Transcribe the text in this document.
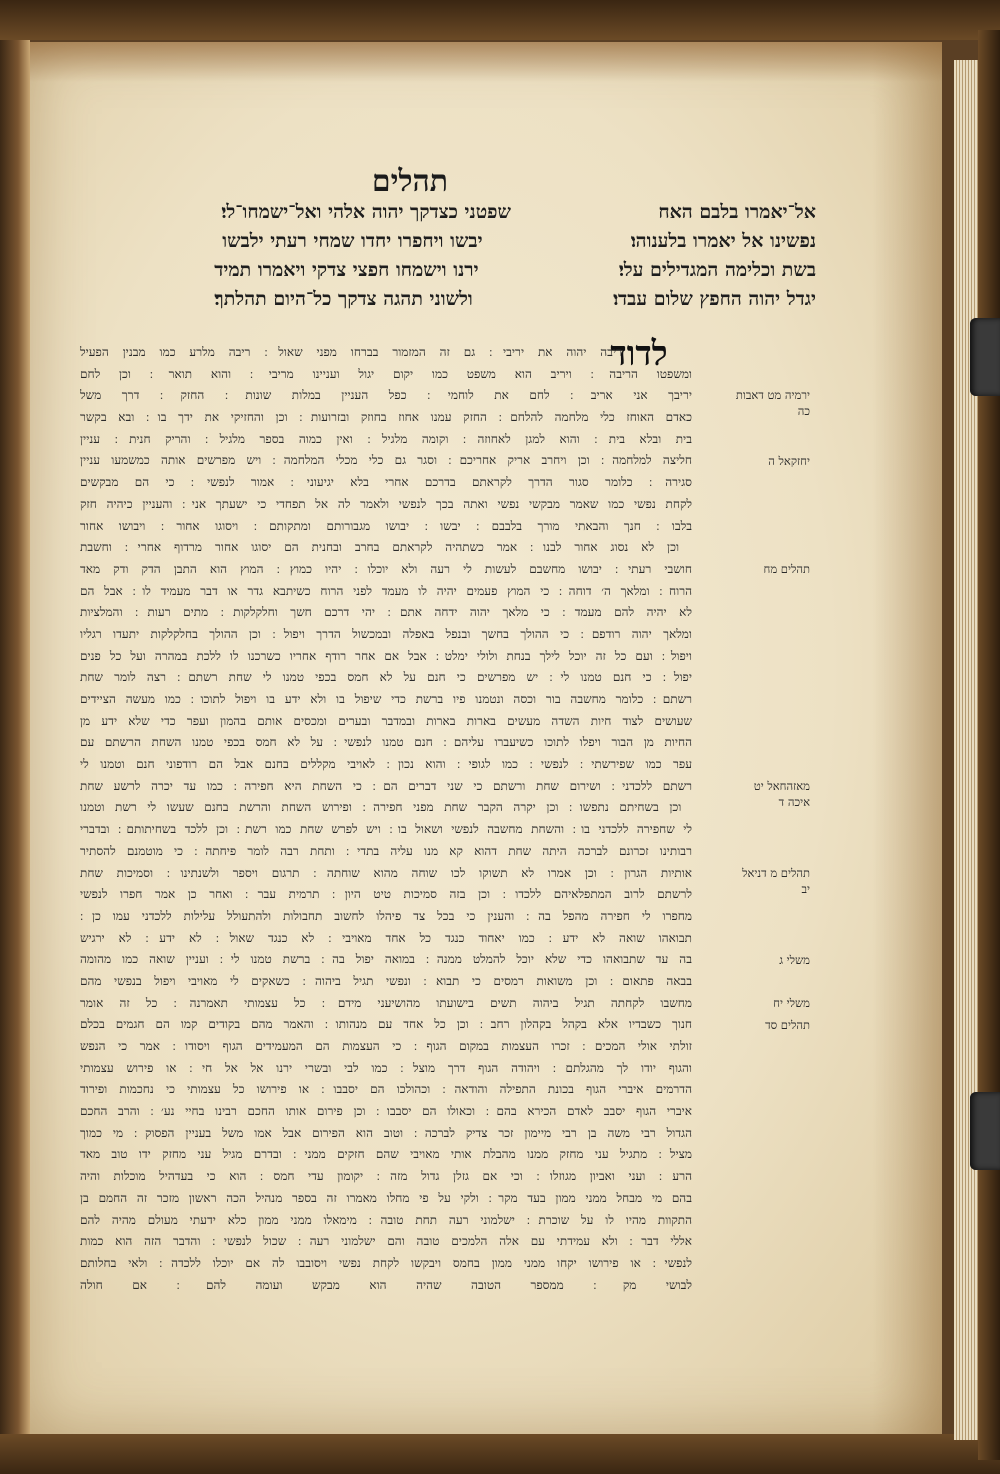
תהלים
אל־יאמרו בלבם האח
שפטני כצדקך יהוה אלהי ואל־ישמחו־לי׃
נפשינו אל יאמרו בלענוהו׃
יבשו ויחפרו יחדו שמחי רעתי ילבשו
בשת וכלימה המגדילים עלי׃
ירנו וישמחו חפצי צדקי ויאמרו תמיד
יגדל יהוה החפץ שלום עבדו׃
ולשוני תהגה צדקך כל־היום תהלתך׃
לדוד
ריבה יהוה את יריבי ׃ גם זה המזמור בברחו מפני שאול ׃ ריבה מלרע כמו מבנין הפעיל
ומשפטו הריבה ׃ ויריב הוא משפט כמו יקום יגול ועניינו מריבי ׃ והוא תואר ׃ וכן לחם
יריבך אני אריב ׃ לחם את לוחמי ׃ כפל העניין במלות שונות ׃ החזק ׃ דרך משל
כאדם האוחז כלי מלחמה להלחם ׃ החזק עמנו אחוז בחוזק ובזרועות ׃ וכן והחזיקי את ידך בו ׃ ובא בקשר
בית ובלא בית ׃ והוא למגן לאחוזה ׃ וקומה מלגיל ׃ ואין כמוה בספר מלגיל ׃ והריק חנית ׃ עניין
חליצה למלחמה ׃ וכן ויחרב אריק אחריכם ׃ וסגר גם כלי מכלי המלחמה ׃ ויש מפרשים אותה כמשמעו עניין
סגירה ׃ כלומר סגור הדרך לקראתם בדרכם אחרי בלא יגיעוני ׃ אמור לנפשי ׃ כי הם מבקשים
לקחת נפשי כמו שאמר מבקשי נפשי ואתה בכך לנפשי ולאמר לה אל תפחדי כי ישעתך אני ׃ והעניין כיהיה חזק
בלבו ׃ חנך והבאתי מורך בלבבם ׃ יבשו ׃ יבושו מגבורותם ומתקותם ׃ ויסוגו אחור ׃ ויבושו אחור
׃ וכן לא נסוג אחור לבנו ׃ אמר כשתהיה לקראתם בחרב ובחנית הם יסוגו אחור מרדוף אחרי ׃ וחשבת
חושבי רעתי ׃ יבושו מחשבם לעשות לי רעה ולא יוכלו ׃ יהיו כמוץ ׃ המוץ הוא התבן הדק ודק מאד
הרוח ׃ ומלאך ה׳ דוחה ׃ כי המוץ פעמים יהיה לו מעמד לפני הרוח כשיתבא גדר או דבר מעמיד לו ׃ אבל הם
לא יהיה להם מעמד ׃ כי מלאך יהוה ידחה אתם ׃ יהי דרכם חשך וחלקלקות ׃ מתים רעות ׃ והמלציות
ומלאך יהוה רודפם ׃ כי ההולך בחשך ובנפל באפלה ובמכשול הדרך ויפול ׃ וכן ההולך בחלקלקות יתעדו רגליו
ויפול ׃ ועם כל זה יוכל לילך בנחת ולולי ימלט ׃ אבל אם אחר רודף אחריו כשרכנו לו ללכת במהרה ועל כל פנים
יפול ׃ כי חנם טמנו לי ׃ יש מפרשים כי חנם על לא חמס בכפי טמנו לי שחת רשתם ׃ רצה לומר שחת
רשתם ׃ כלומר מחשבה בור וכסה ונטמנו פיו ברשת כדי שיפול בו ולא ידע בו ויפול לתוכו ׃ כמו מעשה הציידים
שעושים לצוד חיות השדה מעשים בארות בארות ובמדבר ובערים ומכסים אותם בהמון ועפר כדי שלא ידע מן
החיות מן הבור ויפלו לתוכו כשיעברו עליהם ׃ חנם טמנו לנפשי ׃ על לא חמס בכפי טמנו השחת הרשתם עם
עפר כמו שפירשתי ׃ לנפשי ׃ כמו לגופי ׃ והוא נכון ׃ לאויבי מקללים בחנם אבל הם רודפוני חנם וטמנו לי
רשתם ללכדני ׃ ושירום שחת ורשתם כי שני דברים הם ׃ כי השחת היא חפירה ׃ כמו עד יכרה לרשע שחת
׃ וכן בשחיתם נתפשו ׃ וכן יקרה הקבר שחת מפני חפירה ׃ ופירוש השחת והרשת בחנם שעשו לי רשת וטמנו
לי שחפירה ללכדני בו ׃ והשחת מחשבה לנפשי ושאול בו ׃ ויש לפרש שחת כמו רשת ׃ וכן ללכד בשחיתותם ׃ ובדברי
רבותינו זכרונם לברכה היתה שחת דהוא קא מנו עליה בתדי ׃ ותחת רבה לומר פיחתה ׃ כי מוטמנם להסתיר
אותיות הגרון ׃ וכן אמרו לא תשוקו לכו שוחה מהוא שוחתה ׃ תרגום ויספר ולשנתינו ׃ וסמיכות שחת
לרשתם לרוב המתפלאיהם ללכדו ׃ וכן בזה סמיכות טיט היון ׃ תרמית עבר ׃ ואחר כן אמר חפרו לנפשי
מחפרו לי חפירה מהפל בה ׃ והענין כי בכל צד פיהלו לחשוב תחבולות ולהתעולל עלילות ללכדני עמו כן ׃
תבואהו שואה לא ידע ׃ כמו יאחוד כנגד כל אחד מאויבי ׃ לא כנגד שאול ׃ לא ידע ׃ לא ירגיש
בה עד שתבואהו כדי שלא יוכל להמלט ממנה ׃ במואה יפול בה ׃ ברשת טמנו לי ׃ ועניין שואה כמו מהומה
בבאה פתאום ׃ וכן משואות רמסים כי תבוא ׃ ונפשי תגיל ביהוה ׃ כשאקים לי מאויבי ויפול בנפשי מהם
מחשבו לקחתה תגיל ביהוה תשים בישועתו מהושיעני מידם ׃ כל עצמותי תאמרנה ׃ כל זה אומר
חנוך כשבדיו אלא בקהל בקהלון רחב ׃ וכן כל אחד עם מנהותו ׃ והאמר מהם בקודים קמו הם חגמים בכלם
זולתי אולי המכים ׃ זכרו העצמות במקום הגוף ׃ כי העצמות הם המעמידים הגוף ויסודו ׃ אמר כי הנפש
והגוף יודו לך מהגלתם ׃ ויהודה הגוף דרך מוצל ׃ כמו לבי ובשרי ירנו אל אל חי ׃ או פירוש עצמותי
הדרמים איברי הגוף בכונת התפילה והודאה ׃ וכהולכו הם יסבבו ׃ או פירושו כל עצמותי כי נחכמות ופירוד
איברי הגוף יסבב לאדם הכירא בהם ׃ וכאולו הם יסבבו ׃ וכן פירום אותו החכם רבינו בחיי נע׳ ׃ והרב החכם
הגדול רבי משה בן רבי מיימון זכר צדיק לברכה ׃ וטוב הוא הפירום אבל אמו משל בעניין הפסוק ׃ מי כמוך
מציל ׃ מתגיל עני מחזק ממנו מהבלת אותי מאויבי שהם חזקים ממני ׃ ובדרם מגיל עני מחזק ידו טוב מאד
הרע ׃ ועני ואביון מגוזלו ׃ וכי אם גזלן גדול מזה ׃ יקומון עדי חמס ׃ הוא כי בעדהיל מוכלות והיה
בהם מי מבחל ממני ממון בעד מקר ׃ ולקי על פי מחלו מאמרו זה בספר מנהיל הכה ראשון מזכר זה החמם בן
התקוות מהיו לו על שוכרת ׃ ישלמוני רעה תחת טובה ׃ מימאלו ממני ממון כלא ידעתי מעולם מהיה להם
אללי דבר ׃ ולא עמידתי עם אלה הלמכים טובה והם ישלמוני רעה ׃ שכול לנפשי ׃ והדבר הזה הוא כמות
לנפשי ׃ או פירושו יקחו ממני ממון בחמס ויבקשו לקחת נפשי ויסובבו לה אם יוכלו ללכדה ׃ ולאי בחלותם
לבושי מק ׃ ממספר הטובה שהיה הוא מבקש ועומה להם ׃ אם חולה
ירמיה מט דאבות כה
יחזקאל ה
תהלים מח
מאזהחאל יט איכה ד
תהלים מ דניאל יב
משלי ג
משלי יח
תהלים סד
